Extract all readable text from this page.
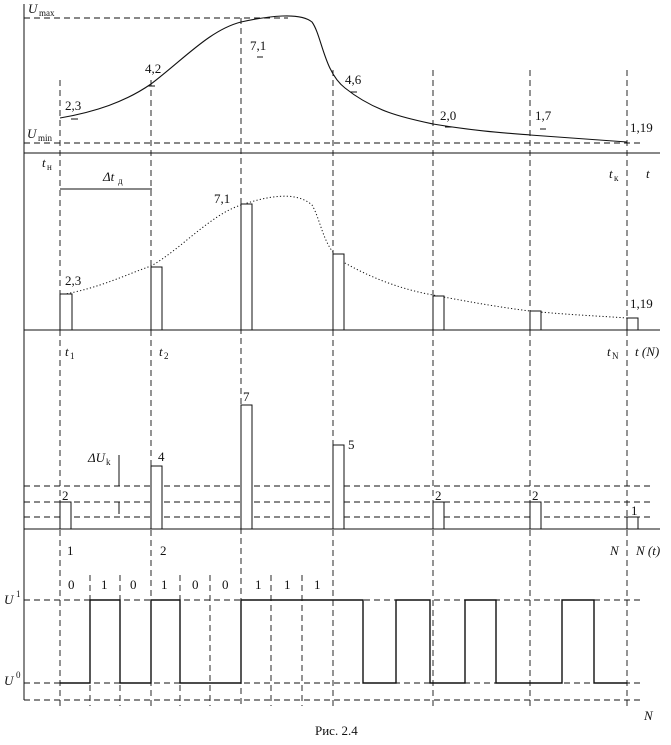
U max
U min
t н	t к t
Δt д
2,3
4,2
7,1
4,6
2,0	1,7
1,19
2,3
7,1
1,19
t 1	t 2	t N t (N)
ΔU k
2
4
7
5
2	2
1
1	2	N N (t)
U 1
U 0
0 1 0 1 0 0 1 1 1
N
Рис. 2.4
